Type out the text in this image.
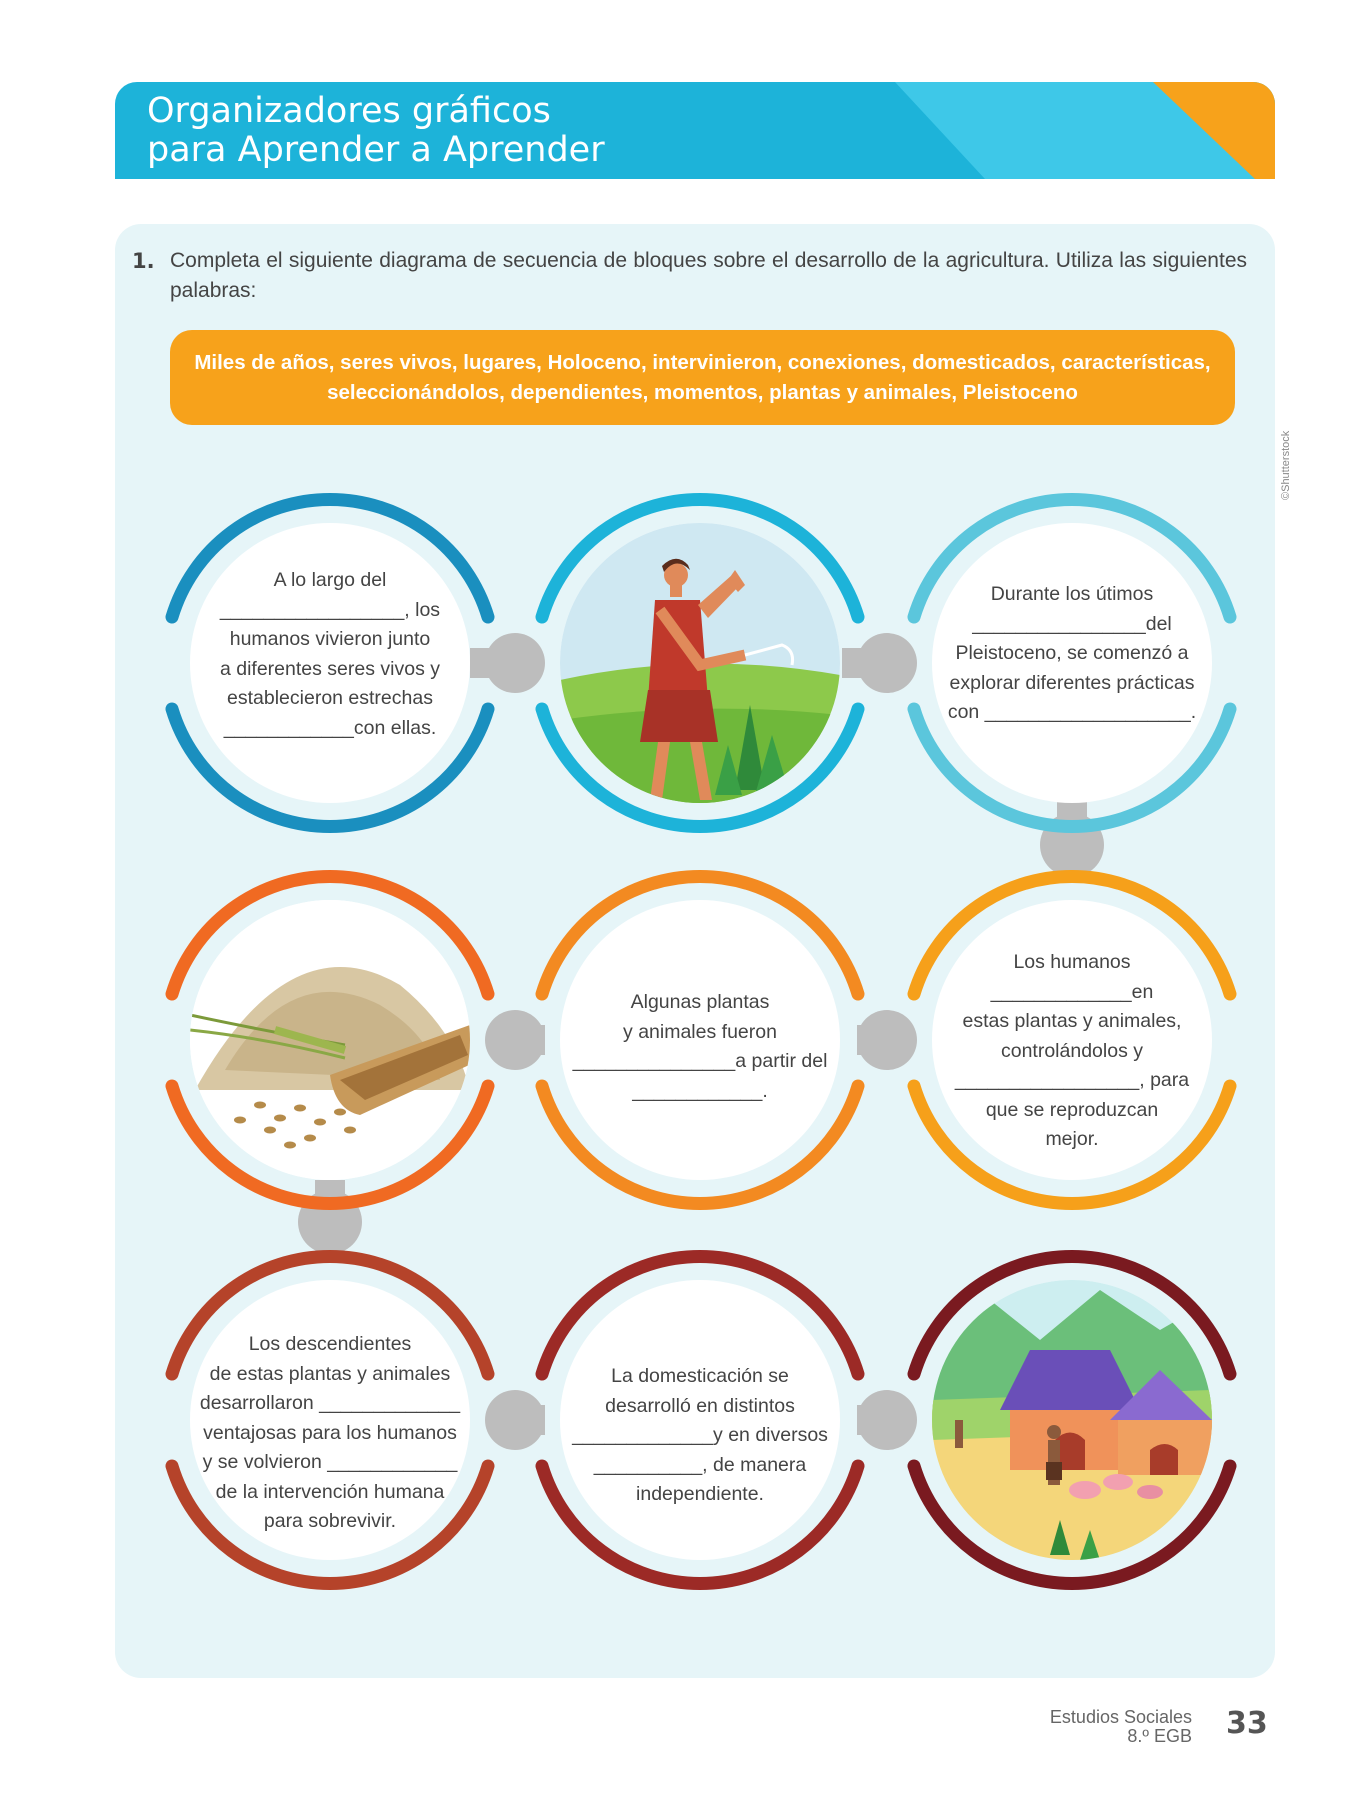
Organizadores gráficos
para Aprender a Aprender
DUA
Acción y expresión
1. Completa el siguiente diagrama de secuencia de bloques sobre el desarrollo de la agricultura. Utiliza las siguientes palabras:
Miles de años, seres vivos, lugares, Holoceno, intervinieron, conexiones, domesticados, características, seleccionándolos, dependientes, momentos, plantas y animales, Pleistoceno
A lo largo del
_________________, los
humanos vivieron junto
a diferentes seres vivos y
establecieron estrechas
____________con ellas.
Durante los útimos
________________del
Pleistoceno, se comenzó a
explorar diferentes prácticas
con ___________________.
Algunas plantas
y animales fueron
_______________a partir del
____________.
Los humanos
_____________en
estas plantas y animales,
controlándolos y
_________________, para
que se reproduzcan
mejor.
Los descendientes
de estas plantas y animales
desarrollaron _____________
ventajosas para los humanos
y se volvieron ____________
de la intervención humana
para sobrevivir.
La domesticación se
desarrolló en distintos
_____________y en diversos
__________, de manera
independiente.
©Shutterstock
Estudios Sociales
8.º EGB 33
